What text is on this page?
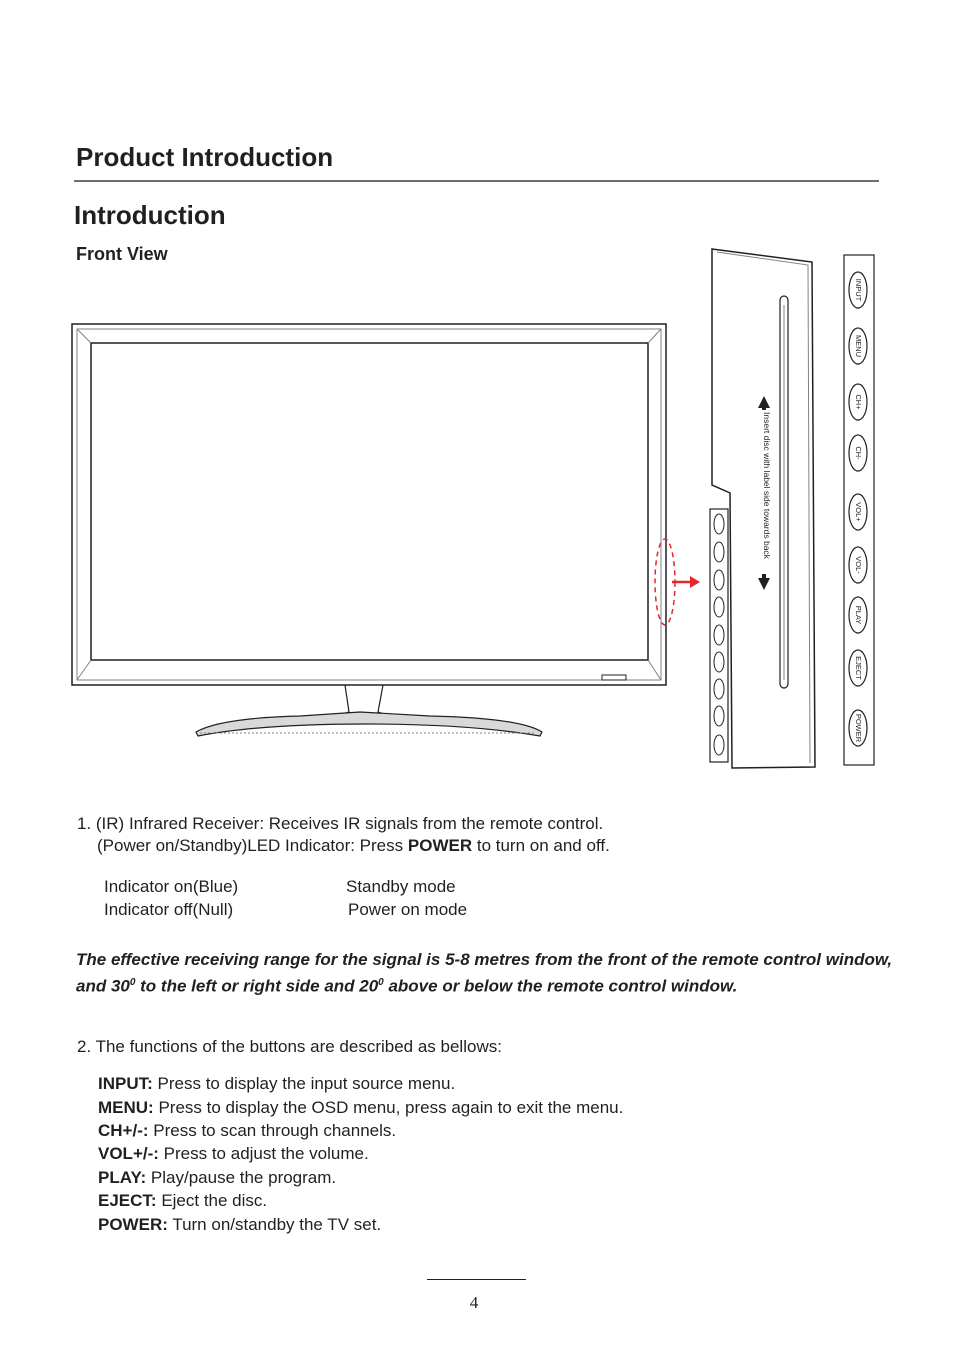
Product Introduction
Introduction
Front View
Insert disc with label side towards back
INPUT
MENU
CH+
CH-
VOL+
VOL-
PLAY
EJECT
POWER
1. (IR) Infrared Receiver: Receives IR signals from the remote control.
(Power on/Standby)LED Indicator: Press POWER to turn on and off.
Indicator on(Blue)	Standby mode
Indicator off(Null)	Power on mode
The effective receiving range for the signal is 5-8 metres from the front of the remote control window, and $30^0$ to the left or right side and $20^0$ above or below the remote control window.
2. The functions of the buttons are described as bellows:
INPUT: Press to display the input source menu.
MENU: Press to display the OSD menu, press again to exit the menu.
CH+/-: Press to scan through channels.
VOL+/-: Press to adjust the volume.
PLAY: Play/pause the program.
EJECT: Eject the disc.
POWER: Turn on/standby the TV set.
4
